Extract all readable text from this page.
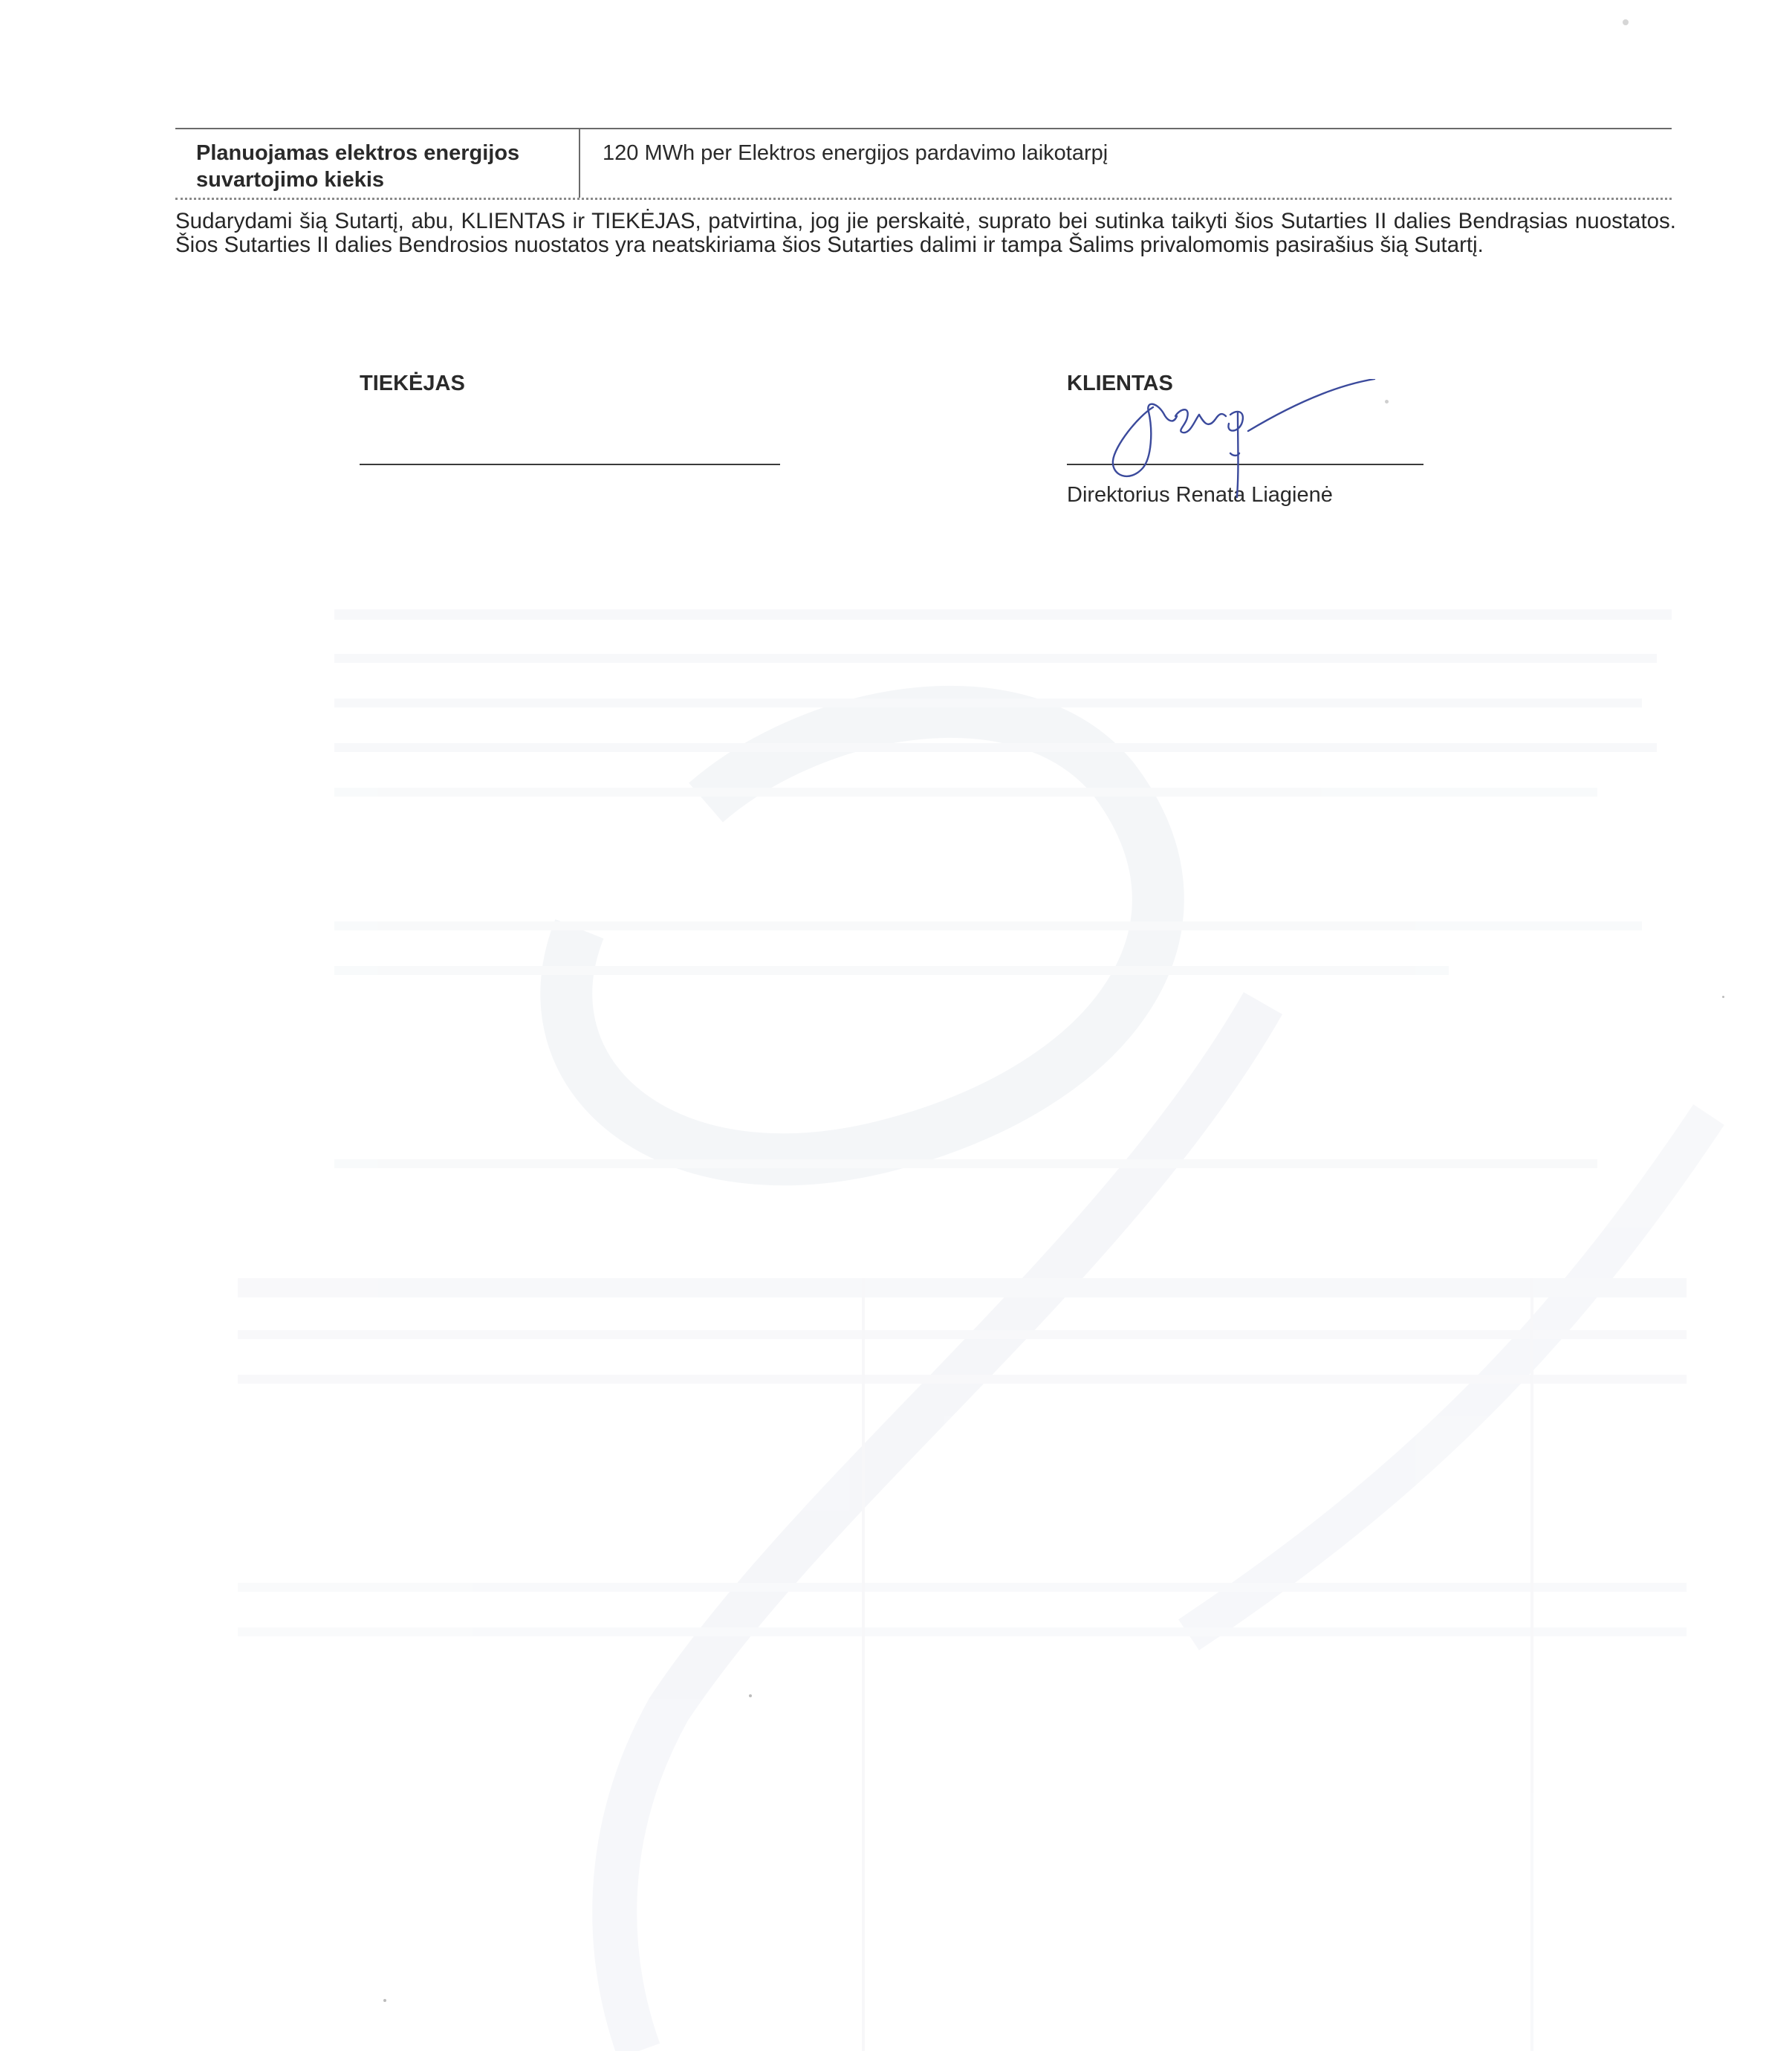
Planuojamas elektros energijos suvartojimo kiekis
120 MWh per Elektros energijos pardavimo laikotarpį
Sudarydami šią Sutartį, abu, KLIENTAS ir TIEKĖJAS, patvirtina, jog jie perskaitė, suprato bei sutinka taikyti šios Sutarties II dalies Bendrąsias nuostatos. Šios Sutarties II dalies Bendrosios nuostatos yra neatskiriama šios Sutarties dalimi ir tampa Šalims privalomomis pasirašius šią Sutartį.
TIEKĖJAS	KLIENTAS
Direktorius Renata Liagienė
